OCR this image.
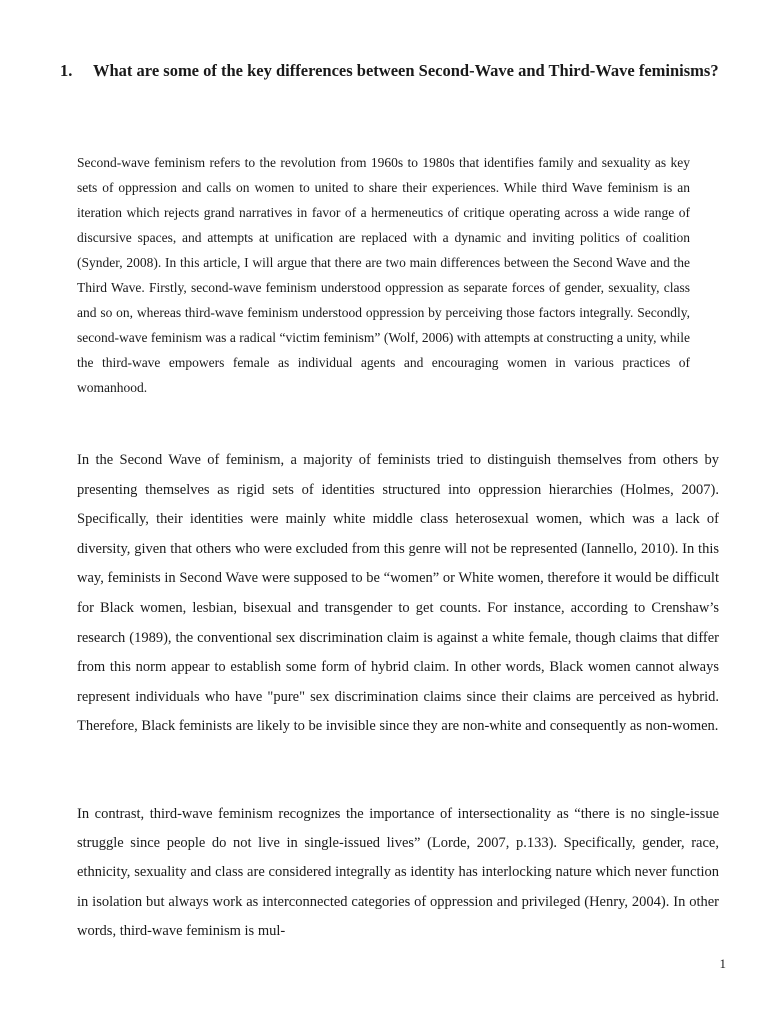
1. What are some of the key differences between Second-Wave and Third-Wave feminisms?

Second-wave feminism refers to the revolution from 1960s to 1980s that identifies family and sexuality as key sets of oppression and calls on women to united to share their experiences. While third Wave feminism is an iteration which rejects grand narratives in favor of a hermeneutics of critique operating across a wide range of discursive spaces, and attempts at unification are replaced with a dynamic and inviting politics of coalition (Synder, 2008). In this article, I will argue that there are two main differences between the Second Wave and the Third Wave. Firstly, second-wave feminism understood oppression as separate forces of gender, sexuality, class and so on, whereas third-wave feminism understood oppression by perceiving those factors integrally. Secondly, second-wave feminism was a radical “victim feminism” (Wolf, 2006) with attempts at constructing a unity, while the third-wave empowers female as individual agents and encouraging women in various practices of womanhood.

In the Second Wave of feminism, a majority of feminists tried to distinguish themselves from others by presenting themselves as rigid sets of identities structured into oppression hierarchies (Holmes, 2007). Specifically, their identities were mainly white middle class heterosexual women, which was a lack of diversity, given that others who were excluded from this genre will not be represented (Iannello, 2010). In this way, feminists in Second Wave were supposed to be “women” or White women, therefore it would be difficult for Black women, lesbian, bisexual and transgender to get counts. For instance, according to Crenshaw’s research (1989), the conventional sex discrimination claim is against a white female, though claims that differ from this norm appear to establish some form of hybrid claim. In other words, Black women cannot always represent individuals who have "pure" sex discrimination claims since their claims are perceived as hybrid. Therefore, Black feminists are likely to be invisible since they are non-white and consequently as non-women.

In contrast, third-wave feminism recognizes the importance of intersectionality as “there is no single-issue struggle since people do not live in single-issued lives” (Lorde, 2007, p.133). Specifically, gender, race, ethnicity, sexuality and class are considered integrally as identity has interlocking nature which never function in isolation but always work as interconnected categories of oppression and privileged (Henry, 2004). In other words, third-wave feminism is mul-

1
